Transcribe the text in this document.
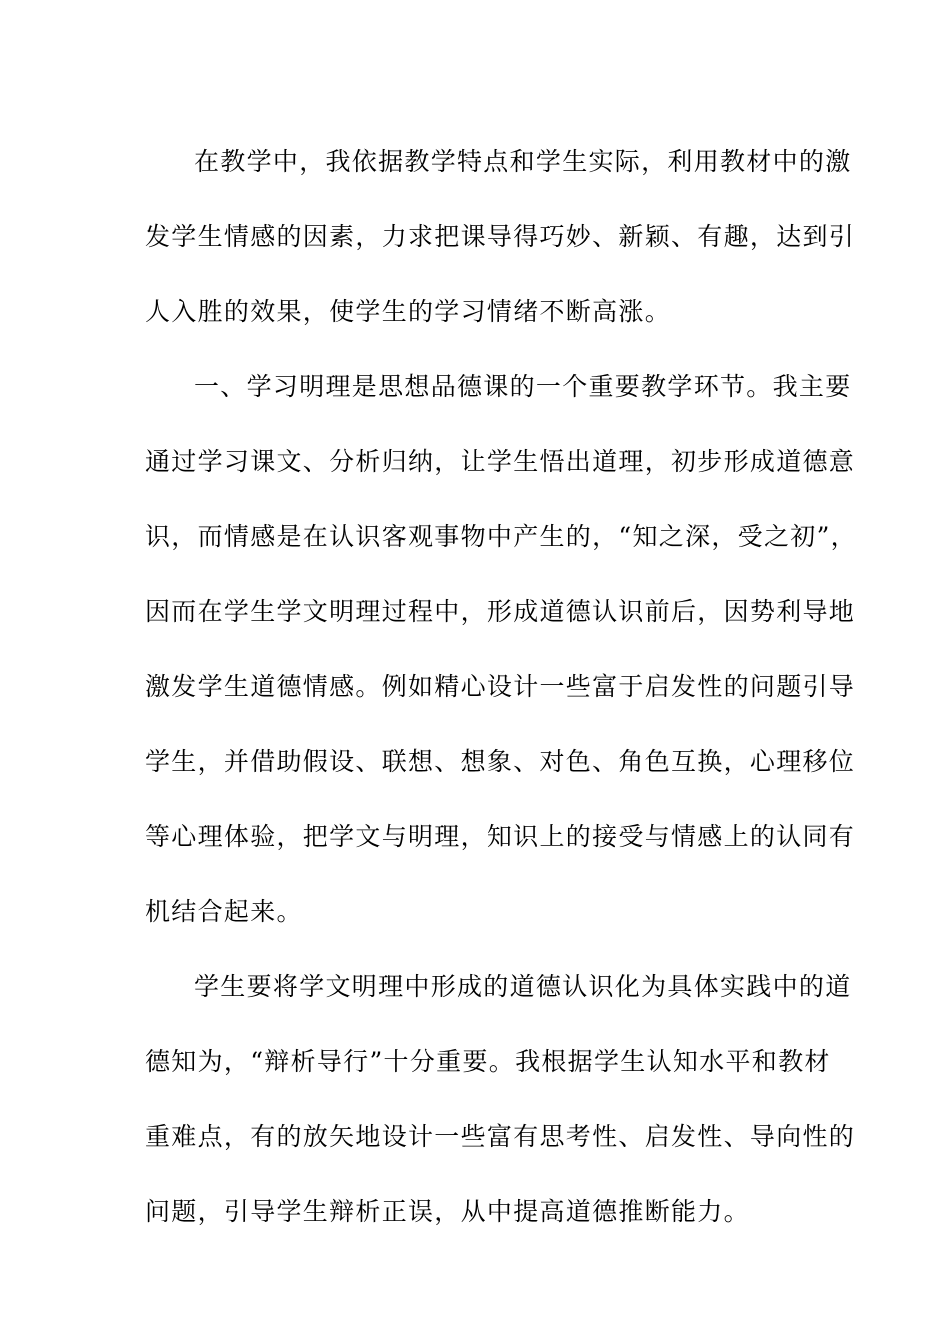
在教学中，我依据教学特点和学生实际，利用教材中的激
发学生情感的因素，力求把课导得巧妙、新颖、有趣，达到引
人入胜的效果，使学生的学习情绪不断高涨。
一、学习明理是思想品德课的一个重要教学环节。我主要
通过学习课文、分析归纳，让学生悟出道理，初步形成道德意
识，而情感是在认识客观事物中产生的，“知之深，受之初”，
因而在学生学文明理过程中，形成道德认识前后，因势利导地
激发学生道德情感。例如精心设计一些富于启发性的问题引导
学生，并借助假设、联想、想象、对色、角色互换，心理移位
等心理体验，把学文与明理，知识上的接受与情感上的认同有
机结合起来。
学生要将学文明理中形成的道德认识化为具体实践中的道
德知为，“辩析导行”十分重要。我根据学生认知水平和教材
重难点，有的放矢地设计一些富有思考性、启发性、导向性的
问题，引导学生辩析正误，从中提高道德推断能力。
